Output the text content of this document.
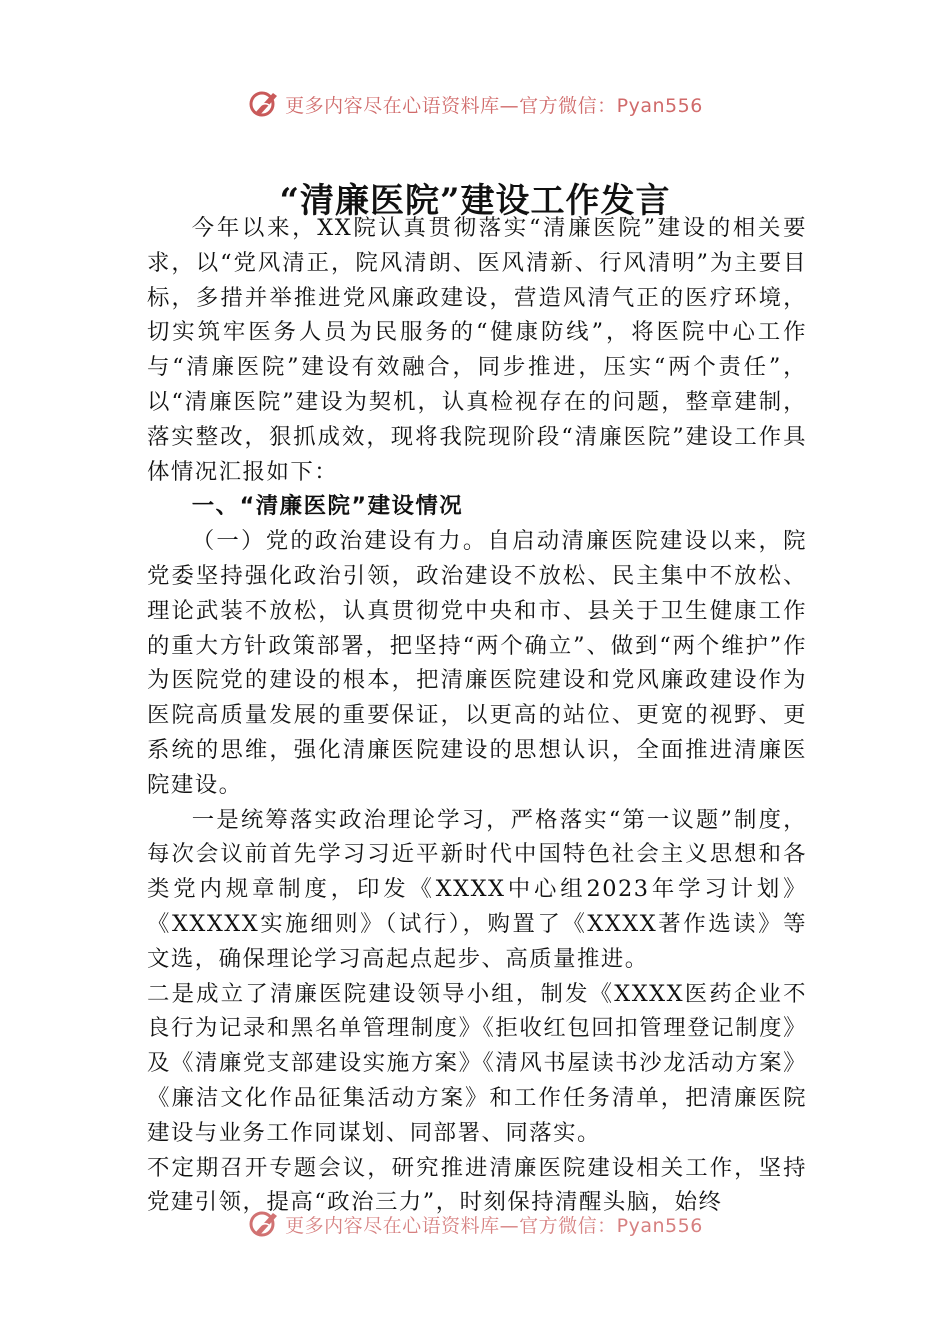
更多内容尽在心语资料库—官方微信：Pyan556
“清廉医院”建设工作发言

今年以来，XX院认真贯彻落实“清廉医院”建设的相关要求，以“党风清正，院风清朗、医风清新、行风清明”为主要目标，多措并举推进党风廉政建设，营造风清气正的医疗环境，切实筑牢医务人员为民服务的“健康防线”，将医院中心工作与“清廉医院”建设有效融合，同步推进，压实“两个责任”，以“清廉医院”建设为契机，认真检视存在的问题，整章建制，落实整改，狠抓成效，现将我院现阶段“清廉医院”建设工作具体情况汇报如下：

一、“清廉医院”建设情况

（一）党的政治建设有力。自启动清廉医院建设以来，院党委坚持强化政治引领，政治建设不放松、民主集中不放松、理论武装不放松，认真贯彻党中央和市、县关于卫生健康工作的重大方针政策部署，把坚持“两个确立”、做到“两个维护”作为医院党的建设的根本，把清廉医院建设和党风廉政建设作为医院高质量发展的重要保证，以更高的站位、更宽的视野、更系统的思维，强化清廉医院建设的思想认识，全面推进清廉医院建设。

一是统筹落实政治理论学习，严格落实“第一议题”制度，每次会议前首先学习习近平新时代中国特色社会主义思想和各类党内规章制度，印发《XXXX中心组2023年学习计划》《XXXXX实施细则》（试行），购置了《XXXX著作选读》等文选，确保理论学习高起点起步、高质量推进。

二是成立了清廉医院建设领导小组，制发《XXXX医药企业不良行为记录和黑名单管理制度》《拒收红包回扣管理登记制度》及《清廉党支部建设实施方案》《清风书屋读书沙龙活动方案》《廉洁文化作品征集活动方案》和工作任务清单，把清廉医院建设与业务工作同谋划、同部署、同落实。

不定期召开专题会议，研究推进清廉医院建设相关工作，坚持党建引领，提高“政治三力”，时刻保持清醒头脑，始终

更多内容尽在心语资料库—官方微信：Pyan556
